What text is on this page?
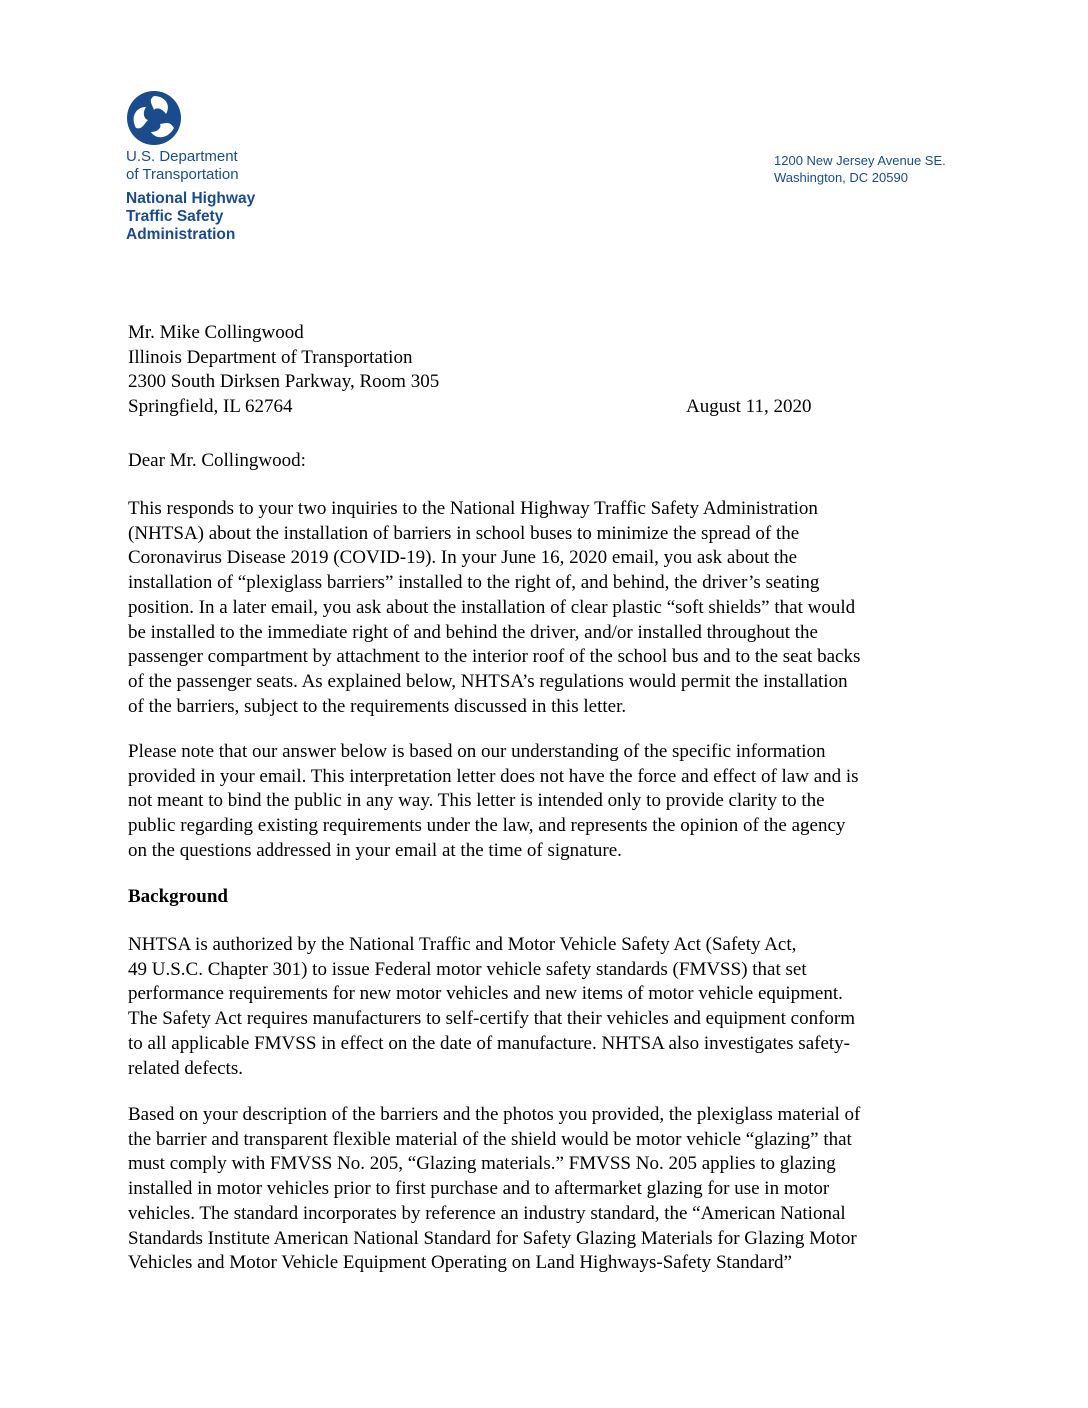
U.S. Department
of Transportation
National Highway
Traffic Safety
Administration
1200 New Jersey Avenue SE.
Washington, DC 20590
Mr. Mike Collingwood
Illinois Department of Transportation
2300 South Dirksen Parkway, Room 305
Springfield, IL 62764	August 11, 2020
Dear Mr. Collingwood:
This responds to your two inquiries to the National Highway Traffic Safety Administration
(NHTSA) about the installation of barriers in school buses to minimize the spread of the
Coronavirus Disease 2019 (COVID-19). In your June 16, 2020 email, you ask about the
installation of “plexiglass barriers” installed to the right of, and behind, the driver’s seating
position. In a later email, you ask about the installation of clear plastic “soft shields” that would
be installed to the immediate right of and behind the driver, and/or installed throughout the
passenger compartment by attachment to the interior roof of the school bus and to the seat backs
of the passenger seats. As explained below, NHTSA’s regulations would permit the installation
of the barriers, subject to the requirements discussed in this letter.
Please note that our answer below is based on our understanding of the specific information
provided in your email. This interpretation letter does not have the force and effect of law and is
not meant to bind the public in any way. This letter is intended only to provide clarity to the
public regarding existing requirements under the law, and represents the opinion of the agency
on the questions addressed in your email at the time of signature.
Background
NHTSA is authorized by the National Traffic and Motor Vehicle Safety Act (Safety Act,
49 U.S.C. Chapter 301) to issue Federal motor vehicle safety standards (FMVSS) that set
performance requirements for new motor vehicles and new items of motor vehicle equipment.
The Safety Act requires manufacturers to self-certify that their vehicles and equipment conform
to all applicable FMVSS in effect on the date of manufacture. NHTSA also investigates safety-
related defects.
Based on your description of the barriers and the photos you provided, the plexiglass material of
the barrier and transparent flexible material of the shield would be motor vehicle “glazing” that
must comply with FMVSS No. 205, “Glazing materials.” FMVSS No. 205 applies to glazing
installed in motor vehicles prior to first purchase and to aftermarket glazing for use in motor
vehicles. The standard incorporates by reference an industry standard, the “American National
Standards Institute American National Standard for Safety Glazing Materials for Glazing Motor
Vehicles and Motor Vehicle Equipment Operating on Land Highways-Safety Standard”
